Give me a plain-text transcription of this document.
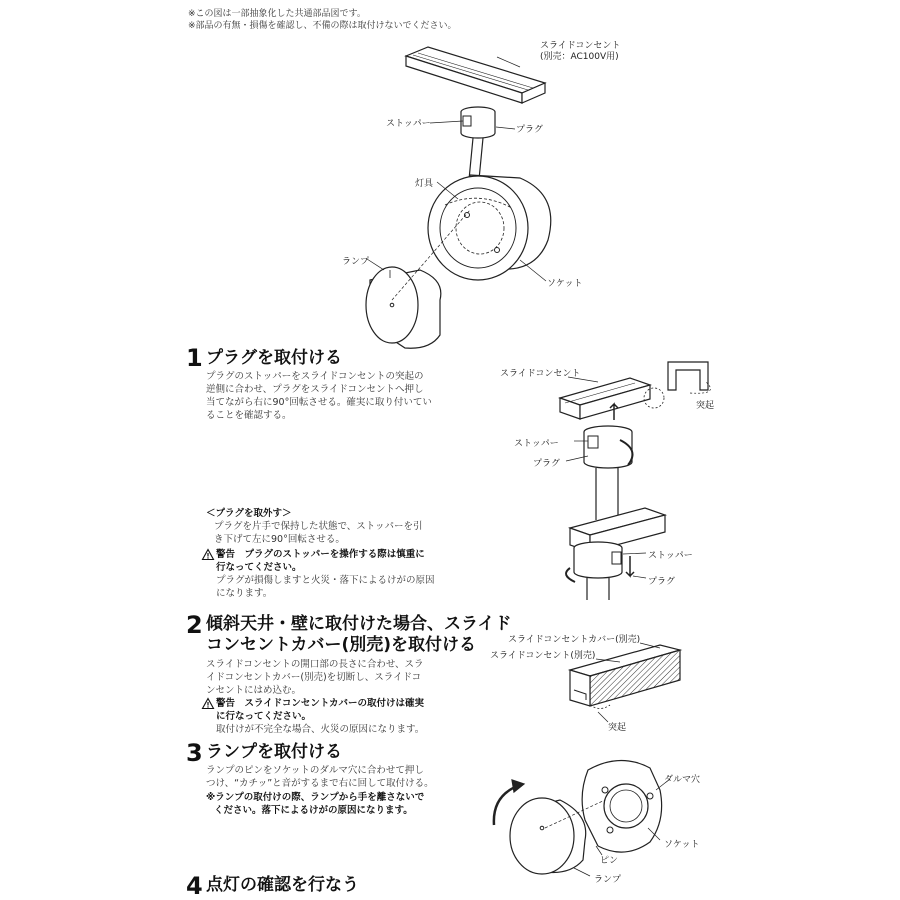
※この図は一部抽象化した共通部品図です。
※部品の有無・損傷を確認し、不備の際は取付けないでください。
スライドコンセント
(別売：AC100V用)
ストッパー
プラグ
灯具
ランプ
ソケット
1 プラグを取付ける
プラグのストッパーをスライドコンセントの突起の
逆側に合わせ、プラグをスライドコンセントへ押し
当てながら右に90°回転させる。確実に取り付いてい
ることを確認する。
スライドコンセント
突起
ストッパー
プラグ
＜プラグを取外す＞
プラグを片手で保持した状態で、ストッパーを引
き下げて左に90°回転させる。
警告　プラグのストッパーを操作する際は慎重に
行なってください。
プラグが損傷しますと火災・落下によるけがの原因
になります。
ストッパー
プラグ
2 傾斜天井・壁に取付けた場合、スライド
コンセントカバー(別売)を取付ける
スライドコンセントの開口部の長さに合わせ、スラ
イドコンセントカバー(別売)を切断し、スライドコ
ンセントにはめ込む。
警告　スライドコンセントカバーの取付けは確実
に行なってください。
取付けが不完全な場合、火災の原因になります。
スライドコンセントカバー(別売)
スライドコンセント(別売)
突起
3 ランプを取付ける
ランプのピンをソケットのダルマ穴に合わせて押し
つけ、“カチッ”と音がするまで右に回して取付ける。
※ランプの取付けの際、ランプから手を離さないで
ください。落下によるけがの原因になります。
ダルマ穴
ソケット
ピン
ランプ
4 点灯の確認を行なう
